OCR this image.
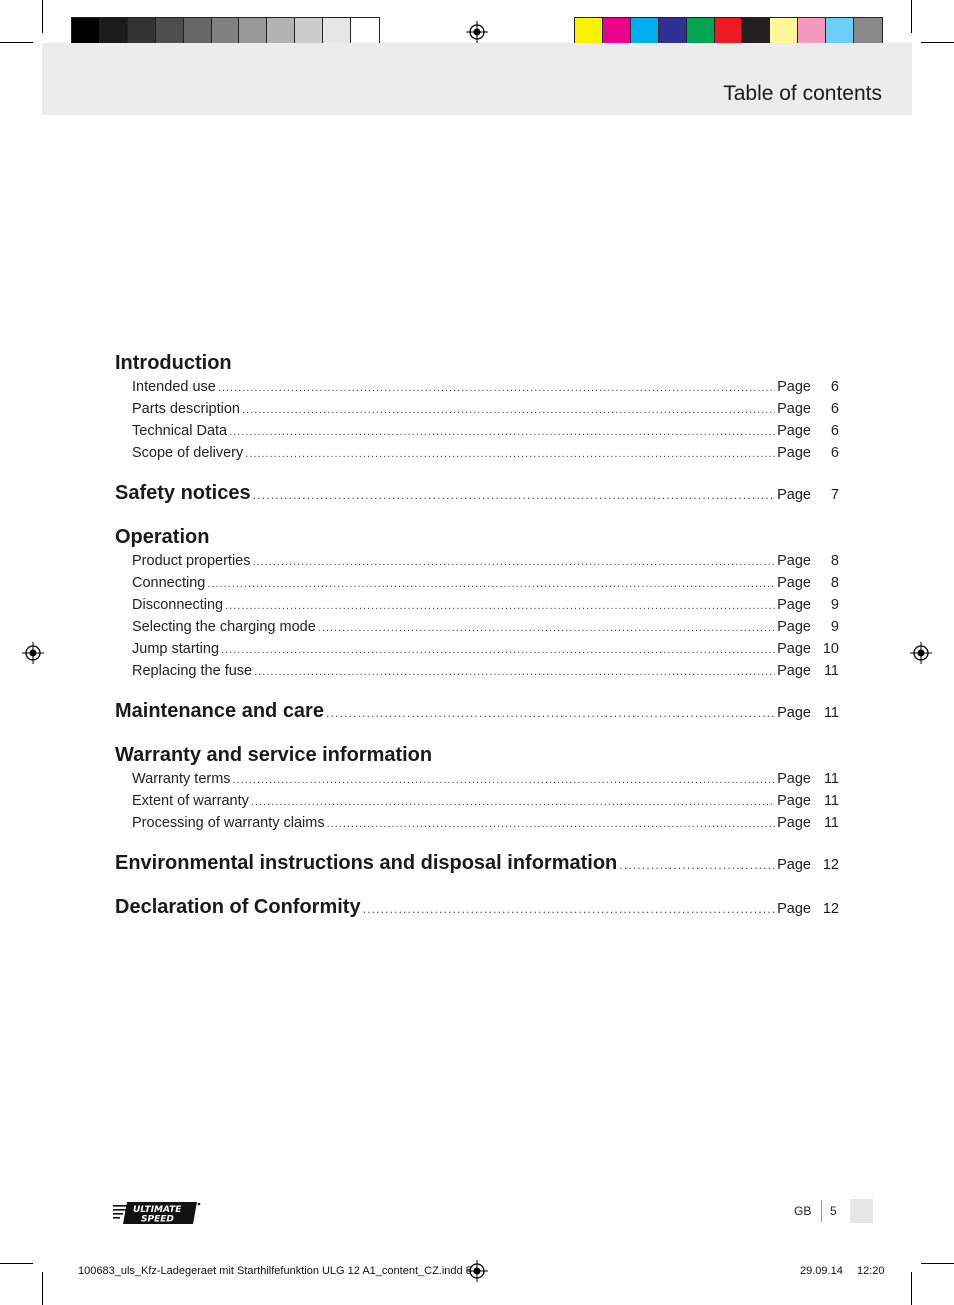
Table of contents
Introduction
Intended use .....	Page 6
Parts description .....	Page 6
Technical Data .....	Page 6
Scope of delivery .....	Page 6
Safety notices .....	Page 7
Operation
Product properties .....	Page 8
Connecting .....	Page 8
Disconnecting .....	Page 9
Selecting the charging mode .....	Page 9
Jump starting .....	Page 10
Replacing the fuse .....	Page 11
Maintenance and care .....	Page 11
Warranty and service information
Warranty terms .....	Page 11
Extent of warranty .....	Page 11
Processing of warranty claims .....	Page 11
Environmental instructions and disposal information .....	Page 12
Declaration of Conformity .....	Page 12
ULTIMATE
SPEED
GB 5
100683_uls_Kfz-Ladegeraet mit Starthilfefunktion ULG 12 A1_content_CZ.indd 5	29.09.14 12:20
